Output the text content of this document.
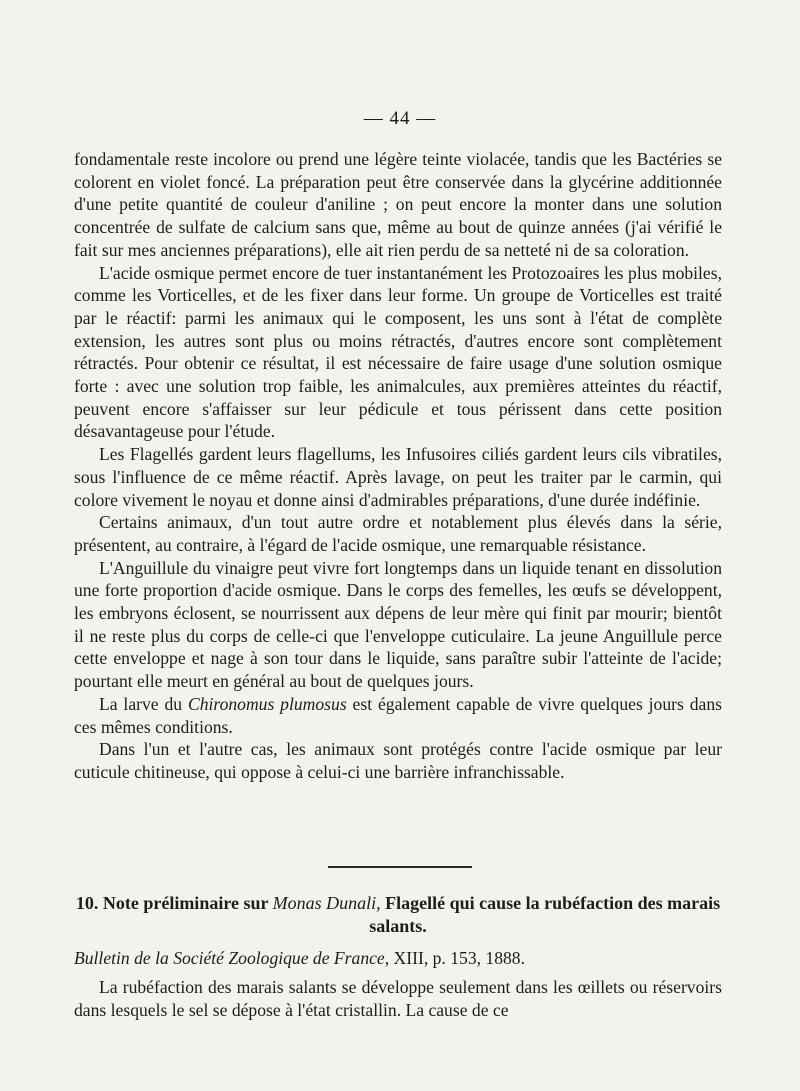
— 44 —

fondamentale reste incolore ou prend une légère teinte violacée, tandis que les Bactéries se colorent en violet foncé. La préparation peut être conservée dans la glycérine additionnée d'une petite quantité de couleur d'aniline ; on peut encore la monter dans une solution concentrée de sulfate de calcium sans que, même au bout de quinze années (j'ai vérifié le fait sur mes anciennes préparations), elle ait rien perdu de sa netteté ni de sa coloration.

L'acide osmique permet encore de tuer instantanément les Protozoaires les plus mobiles, comme les Vorticelles, et de les fixer dans leur forme. Un groupe de Vorticelles est traité par le réactif: parmi les animaux qui le composent, les uns sont à l'état de complète extension, les autres sont plus ou moins rétractés, d'autres encore sont complètement rétractés. Pour obtenir ce résultat, il est nécessaire de faire usage d'une solution osmique forte : avec une solution trop faible, les animalcules, aux premières atteintes du réactif, peuvent encore s'affaisser sur leur pédicule et tous périssent dans cette position désavantageuse pour l'étude.

Les Flagellés gardent leurs flagellums, les Infusoires ciliés gardent leurs cils vibratiles, sous l'influence de ce même réactif. Après lavage, on peut les traiter par le carmin, qui colore vivement le noyau et donne ainsi d'admirables préparations, d'une durée indéfinie.

Certains animaux, d'un tout autre ordre et notablement plus élevés dans la série, présentent, au contraire, à l'égard de l'acide osmique, une remarquable résistance.

L'Anguillule du vinaigre peut vivre fort longtemps dans un liquide tenant en dissolution une forte proportion d'acide osmique. Dans le corps des femelles, les œufs se développent, les embryons éclosent, se nourrissent aux dépens de leur mère qui finit par mourir; bientôt il ne reste plus du corps de celle-ci que l'enveloppe cuticulaire. La jeune Anguillule perce cette enveloppe et nage à son tour dans le liquide, sans paraître subir l'atteinte de l'acide; pourtant elle meurt en général au bout de quelques jours.

La larve du Chironomus plumosus est également capable de vivre quelques jours dans ces mêmes conditions.

Dans l'un et l'autre cas, les animaux sont protégés contre l'acide osmique par leur cuticule chitineuse, qui oppose à celui-ci une barrière infranchissable.

10. Note préliminaire sur Monas Dunali, Flagellé qui cause la rubéfaction des marais salants.
Bulletin de la Société Zoologique de France, XIII, p. 153, 1888.

La rubéfaction des marais salants se développe seulement dans les œillets ou réservoirs dans lesquels le sel se dépose à l'état cristallin. La cause de ce
